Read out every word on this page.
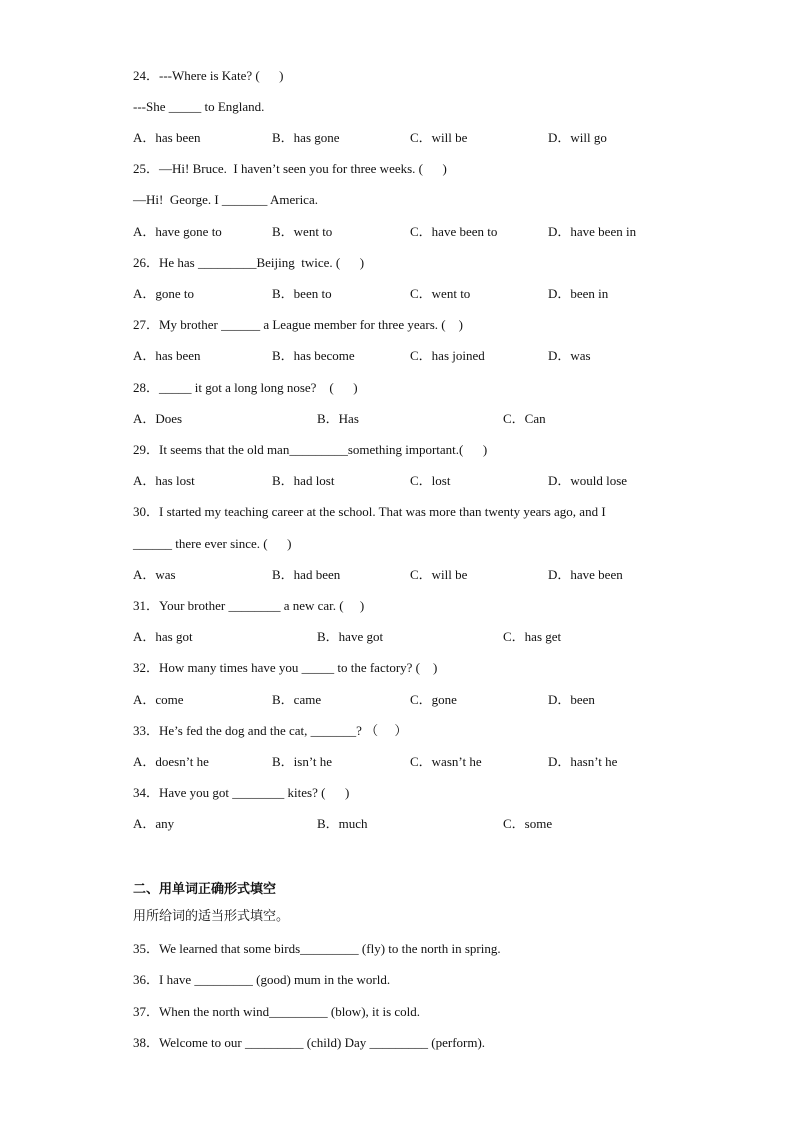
24．---Where is Kate? (      )
---She _____ to England.
A．has been	B．has gone	C．will be	D．will go
25．—Hi! Bruce.  I haven’t seen you for three weeks. (      )
—Hi!  George. I _______ America.
A．have gone to	B．went to	C．have been to	D．have been in
26．He has _________Beijing  twice. (      )
A．gone to	B．been to	C．went to	D．been in
27．My brother ______ a League member for three years. (    )
A．has been	B．has become	C．has joined	D．was
28．_____ it got a long long nose?    (      )
A．Does	B．Has	C．Can
29．It seems that the old man_________something important.(      )
A．has lost	B．had lost	C．lost	D．would lose
30．I started my teaching career at the school. That was more than twenty years ago, and I
______ there ever since. (      )
A．was	B．had been	C．will be	D．have been
31．Your brother ________ a new car. (     )
A．has got	B．have got	C．has get
32．How many times have you _____ to the factory? (    )
A．come	B．came	C．gone	D．been
33．He’s fed the dog and the cat, _______? （     ）
A．doesn’t he	B．isn’t he	C．wasn’t he	D．hasn’t he
34．Have you got ________ kites? (      )
A．any	B．much	C．some
二、用单词正确形式填空
用所给词的适当形式填空。
35．We learned that some birds_________ (fly) to the north in spring.
36．I have _________ (good) mum in the world.
37．When the north wind_________ (blow), it is cold.
38．Welcome to our _________ (child) Day _________ (perform).
